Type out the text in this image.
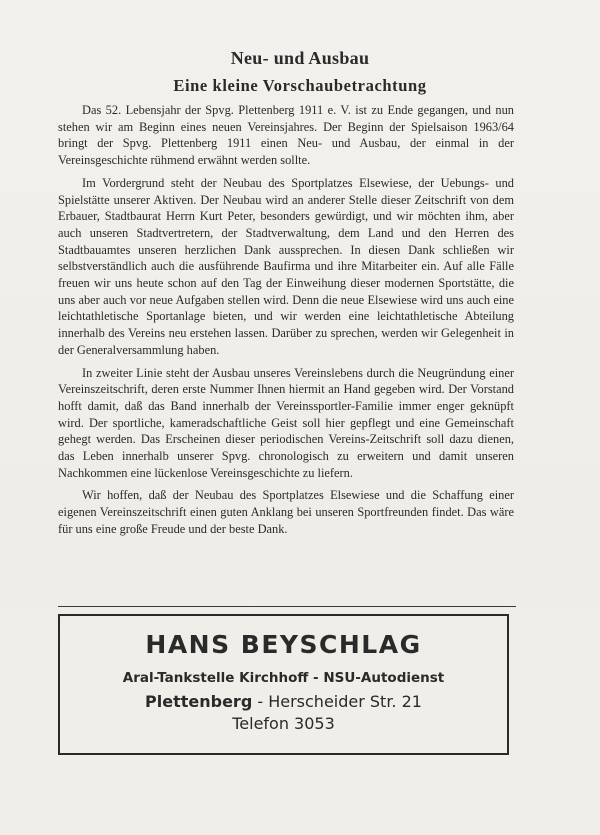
Neu- und Ausbau
Eine kleine Vorschaubetrachtung

Das 52. Lebensjahr der Spvg. Plettenberg 1911 e. V. ist zu Ende gegangen, und nun stehen wir am Beginn eines neuen Vereinsjahres. Der Beginn der Spielsaison 1963/64 bringt der Spvg. Plettenberg 1911 einen Neu- und Ausbau, der einmal in der Vereinsgeschichte rühmend erwähnt werden sollte.

Im Vordergrund steht der Neubau des Sportplatzes Elsewiese, der Uebungs- und Spielstätte unserer Aktiven. Der Neubau wird an anderer Stelle dieser Zeitschrift von dem Erbauer, Stadtbaurat Herrn Kurt Peter, besonders gewürdigt, und wir möchten ihm, aber auch unseren Stadtvertretern, der Stadtverwaltung, dem Land und den Herren des Stadtbauamtes unseren herzlichen Dank aussprechen. In diesen Dank schließen wir selbstverständlich auch die ausführende Baufirma und ihre Mitarbeiter ein. Auf alle Fälle freuen wir uns heute schon auf den Tag der Einweihung dieser modernen Sportstätte, die uns aber auch vor neue Aufgaben stellen wird. Denn die neue Elsewiese wird uns auch eine leichtathletische Sportanlage bieten, und wir werden eine leichtathletische Abteilung innerhalb des Vereins neu erstehen lassen. Darüber zu sprechen, werden wir Gelegenheit in der Generalversammlung haben.

In zweiter Linie steht der Ausbau unseres Vereinslebens durch die Neugründung einer Vereinszeitschrift, deren erste Nummer Ihnen hiermit an Hand gegeben wird. Der Vorstand hofft damit, daß das Band innerhalb der Vereinssportler-Familie immer enger geknüpft wird. Der sportliche, kameradschaftliche Geist soll hier gepflegt und eine Gemeinschaft gehegt werden. Das Erscheinen dieser periodischen Vereins-Zeitschrift soll dazu dienen, das Leben innerhalb unserer Spvg. chronologisch zu erweitern und damit unseren Nachkommen eine lückenlose Vereinsgeschichte zu liefern.

Wir hoffen, daß der Neubau des Sportplatzes Elsewiese und die Schaffung einer eigenen Vereinszeitschrift einen guten Anklang bei unseren Sportfreunden findet. Das wäre für uns eine große Freude und der beste Dank.

HANS BEYSCHLAG
Aral-Tankstelle Kirchhoff - NSU-Autodienst
Plettenberg - Herscheider Str. 21
Telefon 3053
